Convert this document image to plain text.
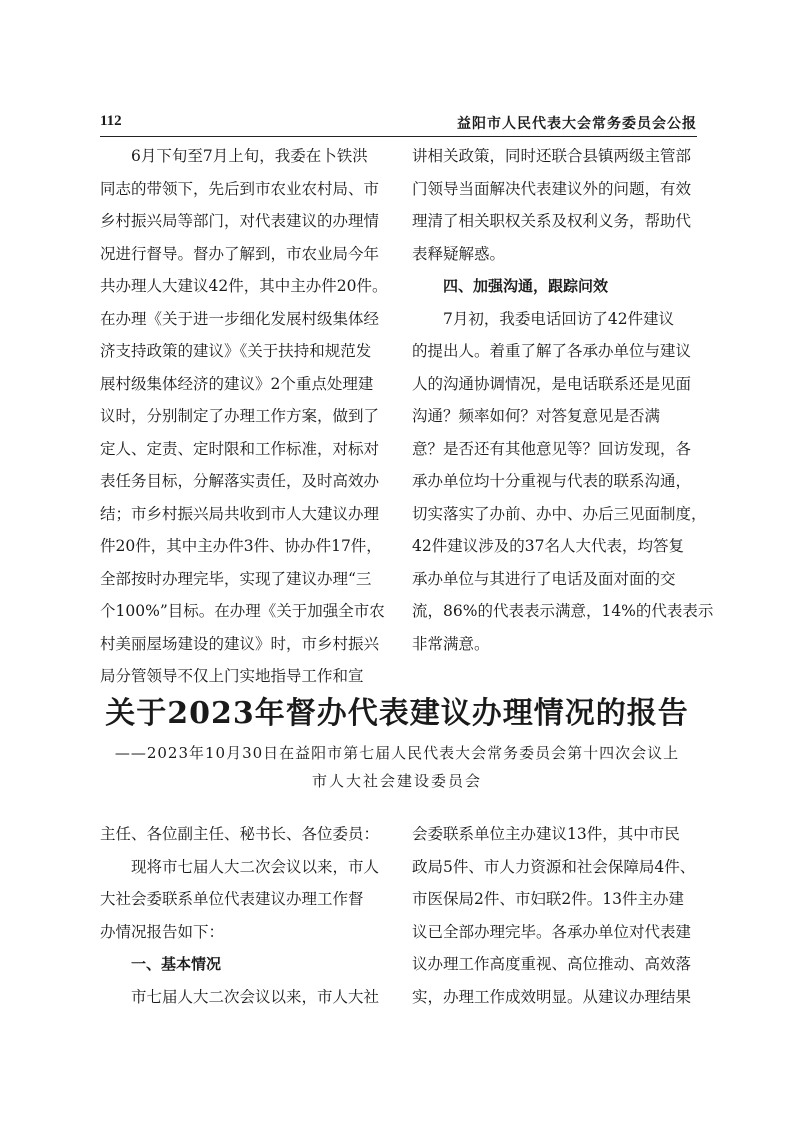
112	益阳市人民代表大会常务委员会公报

6月下旬至7月上旬，我委在卜铁洪

同志的带领下，先后到市农业农村局、市

乡村振兴局等部门，对代表建议的办理情

况进行督导。督办了解到，市农业局今年

共办理人大建议42件，其中主办件20件。

在办理《关于进一步细化发展村级集体经

济支持政策的建议》《关于扶持和规范发

展村级集体经济的建议》2个重点处理建

议时，分别制定了办理工作方案，做到了

定人、定责、定时限和工作标准，对标对

表任务目标，分解落实责任，及时高效办

结；市乡村振兴局共收到市人大建议办理

件20件，其中主办件3件、协办件17件，

全部按时办理完毕，实现了建议办理“三

个100%”目标。在办理《关于加强全市农

村美丽屋场建设的建议》时，市乡村振兴

局分管领导不仅上门实地指导工作和宣

讲相关政策，同时还联合县镇两级主管部

门领导当面解决代表建议外的问题，有效

理清了相关职权关系及权利义务，帮助代

表释疑解惑。

四、加强沟通，跟踪问效

7月初，我委电话回访了42件建议

的提出人。着重了解了各承办单位与建议

人的沟通协调情况，是电话联系还是见面

沟通？频率如何？对答复意见是否满

意？是否还有其他意见等？回访发现，各

承办单位均十分重视与代表的联系沟通，

切实落实了办前、办中、办后三见面制度，

42件建议涉及的37名人大代表，均答复

承办单位与其进行了电话及面对面的交

流，86%的代表表示满意，14%的代表表示

非常满意。

关于2023年督办代表建议办理情况的报告
——2023年10月30日在益阳市第七届人民代表大会常务委员会第十四次会议上
市人大社会建设委员会

主任、各位副主任、秘书长、各位委员：

现将市七届人大二次会议以来，市人

大社会委联系单位代表建议办理工作督

办情况报告如下：

一、基本情况

市七届人大二次会议以来，市人大社

会委联系单位主办建议13件，其中市民

政局5件、市人力资源和社会保障局4件、

市医保局2件、市妇联2件。13件主办建

议已全部办理完毕。各承办单位对代表建

议办理工作高度重视、高位推动、高效落

实，办理工作成效明显。从建议办理结果
